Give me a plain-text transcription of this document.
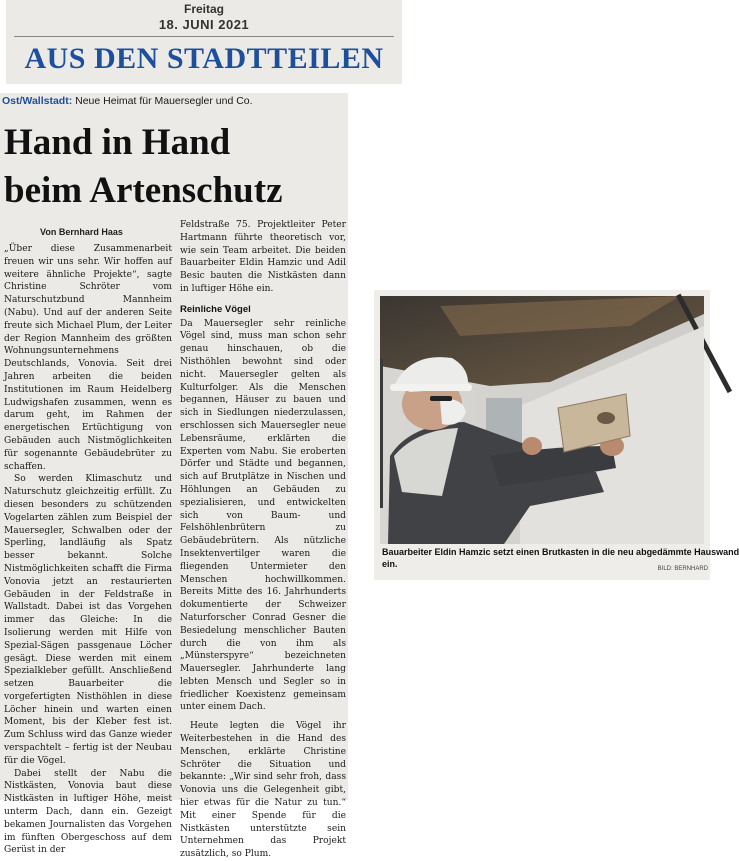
Freitag
18. JUNI 2021
AUS DEN STADTTEILEN
Ost/Wallstadt: Neue Heimat für Mauersegler und Co.
Hand in Hand
beim Artenschutz
Von Bernhard Haas

„Über diese Zusammenarbeit freuen wir uns sehr. Wir hoffen auf weitere ähnliche Projekte“, sagte Christine Schröter vom Naturschutzbund Mannheim (Nabu). Und auf der anderen Seite freute sich Michael Plum, der Leiter der Region Mannheim des größten Wohnungsunternehmens Deutschlands, Vonovia. Seit drei Jahren arbeiten die beiden Institutionen im Raum Heidelberg Ludwigshafen zusammen, wenn es darum geht, im Rahmen der energetischen Ertüchtigung von Gebäuden auch Nistmöglichkeiten für sogenannte Gebäudebrüter zu schaffen.

So werden Klimaschutz und Naturschutz gleichzeitig erfüllt. Zu diesen besonders zu schützenden Vogelarten zählen zum Beispiel der Mauersegler, Schwalben oder der Sperling, landläufig als Spatz besser bekannt. Solche Nistmöglichkeiten schafft die Firma Vonovia jetzt an restaurierten Gebäuden in der Feldstraße in Wallstadt. Dabei ist das Vorgehen immer das Gleiche: In die Isolierung werden mit Hilfe von Spezial-Sägen passgenaue Löcher gesägt. Diese werden mit einem Spezialkleber gefüllt. Anschließend setzen Bauarbeiter die vorgefertigten Nisthöhlen in diese Löcher hinein und warten einen Moment, bis der Kleber fest ist. Zum Schluss wird das Ganze wieder verspachtelt – fertig ist der Neubau für die Vögel.

Dabei stellt der Nabu die Nistkästen, Vonovia baut diese Nistkästen in luftiger Höhe, meist unterm Dach, dann ein. Gezeigt bekamen Journalisten das Vorgehen im fünften Obergeschoss auf dem Gerüst in der

Feldstraße 75. Projektleiter Peter Hartmann führte theoretisch vor, wie sein Team arbeitet. Die beiden Bauarbeiter Eldin Hamzic und Adil Besic bauten die Nistkästen dann in luftiger Höhe ein.

Reinliche Vögel

Da Mauersegler sehr reinliche Vögel sind, muss man schon sehr genau hinschauen, ob die Nisthöhlen bewohnt sind oder nicht. Mauersegler gelten als Kulturfolger. Als die Menschen begannen, Häuser zu bauen und sich in Siedlungen niederzulassen, erschlossen sich Mauersegler neue Lebensräume, erklärten die Experten vom Nabu. Sie eroberten Dörfer und Städte und begannen, sich auf Brutplätze in Nischen und Höhlungen an Gebäuden zu spezialisieren, und entwickelten sich von Baum- und Felshöhlenbrütern zu Gebäudebrütern. Als nützliche Insektenvertilger waren die fliegenden Untermieter den Menschen hochwillkommen. Bereits Mitte des 16. Jahrhunderts dokumentierte der Schweizer Naturforscher Conrad Gesner die Besiedelung menschlicher Bauten durch die von ihm als „Münsterspyre“ bezeichneten Mauersegler. Jahrhunderte lang lebten Mensch und Segler so in friedlicher Koexistenz gemeinsam unter einem Dach.

Heute legten die Vögel ihr Weiterbestehen in die Hand des Menschen, erklärte Christine Schröter die Situation und bekannte: „Wir sind sehr froh, dass Vonovia uns die Gelegenheit gibt, hier etwas für die Natur zu tun.“ Mit einer Spende für die Nistkästen unterstützte sein Unternehmen das Projekt zusätzlich, so Plum.

Bauarbeiter Eldin Hamzic setzt einen Brutkasten in die neu abgedämmte Hauswand
ein.
BILD: BERNHARD
